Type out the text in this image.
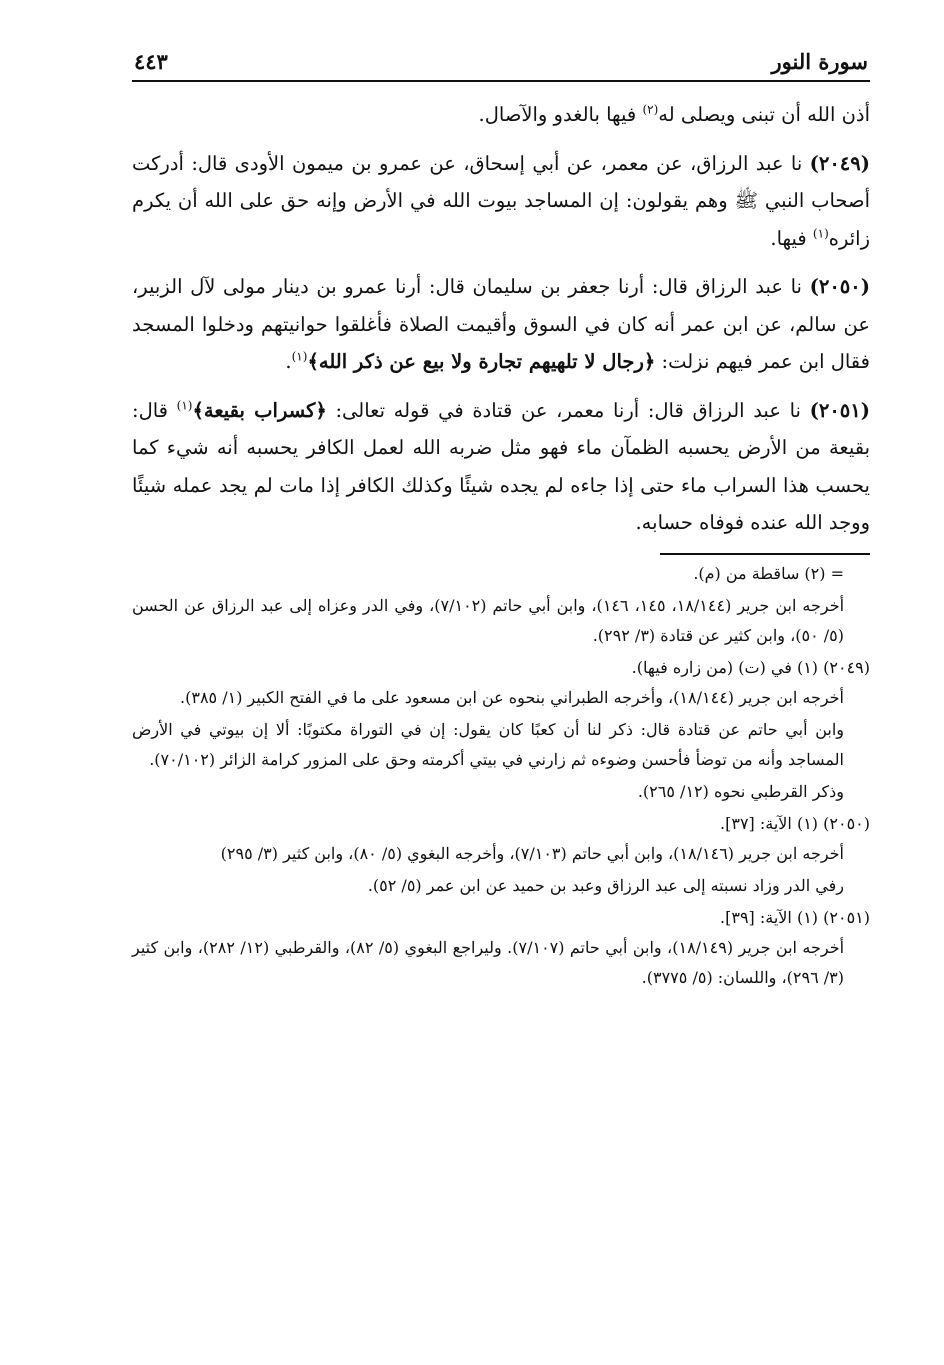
سورة النور
٤٤٣

أذن الله أن تبنى ويصلى له$^{(٢)}$ فيها بالغدو والآصال.

(٢٠٤٩) نا عبد الرزاق، عن معمر، عن أبي إسحاق، عن عمرو بن ميمون الأودى قال: أدركت أصحاب النبي ﷺ وهم يقولون: إن المساجد بيوت الله في الأرض وإنه حق على الله أن يكرم زائره$^{(١)}$ فيها.

(٢٠٥٠) نا عبد الرزاق قال: أرنا جعفر بن سليمان قال: أرنا عمرو بن دينار مولى لآل الزبير، عن سالم، عن ابن عمر أنه كان في السوق وأقيمت الصلاة فأغلقوا حوانيتهم ودخلوا المسجد فقال ابن عمر فيهم نزلت: ﴿رجال لا تلهيهم تجارة ولا بيع عن ذكر الله﴾$^{(١)}$.

(٢٠٥١) نا عبد الرزاق قال: أرنا معمر، عن قتادة في قوله تعالى: ﴿كسراب بقيعة﴾$^{(١)}$ قال: بقيعة من الأرض يحسبه الظمآن ماء فهو مثل ضربه الله لعمل الكافر يحسبه أنه شيء كما يحسب هذا السراب ماء حتى إذا جاءه لم يجده شيئًا وكذلك الكافر إذا مات لم يجد عمله شيئًا ووجد الله عنده فوفاه حسابه.

= (٢) ساقطة من (م).

أخرجه ابن جرير (١٨/١٤٤، ١٤٥، ١٤٦)، وابن أبي حاتم (٧/١٠٢)، وفي الدر وعزاه إلى عبد الرزاق عن الحسن (٥/ ٥٠)، وابن كثير عن قتادة (٣/ ٢٩٢).

(٢٠٤٩) (١) في (ت) (من زاره فيها).

أخرجه ابن جرير (١٨/١٤٤)، وأخرجه الطبراني بنحوه عن ابن مسعود على ما في الفتح الكبير (١/ ٣٨٥).

وابن أبي حاتم عن قتادة قال: ذكر لنا أن كعبًا كان يقول: إن في التوراة مكتوبًا: ألا إن بيوتي في الأرض المساجد وأنه من توضأ فأحسن وضوءه ثم زارني في بيتي أكرمته وحق على المزور كرامة الزائر (٧٠/١٠٢).

وذكر القرطبي نحوه (١٢/ ٢٦٥).

(٢٠٥٠) (١) الآية: [٣٧].

أخرجه ابن جرير (١٨/١٤٦)، وابن أبي حاتم (٧/١٠٣)، وأخرجه البغوي (٥/ ٨٠)، وابن كثير (٣/ ٢٩٥)

رفي الدر وزاد نسبته إلى عبد الرزاق وعبد بن حميد عن ابن عمر (٥/ ٥٢).

(٢٠٥١) (١) الآية: [٣٩].

أخرجه ابن جرير (١٨/١٤٩)، وابن أبي حاتم (٧/١٠٧). وليراجع البغوي (٥/ ٨٢)، والقرطبي (١٢/ ٢٨٢)، وابن كثير (٣/ ٢٩٦)، واللسان: (٥/ ٣٧٧٥).
